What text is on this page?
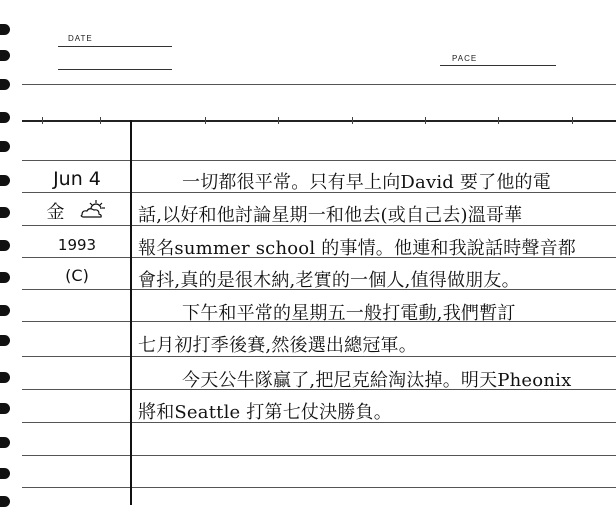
DATE
PACE
Jun 4
金
1993
(C)
一切都很平常。只有早上向David 要了他的電
話,以好和他討論星期一和他去(或自己去)溫哥華
報名summer school 的事情。他連和我說話時聲音都
會抖,真的是很木納,老實的一個人,值得做朋友。
下午和平常的星期五一般打電動,我們暫訂
七月初打季後賽,然後選出總冠軍。
今天公牛隊贏了,把尼克給淘汰掉。明天Pheonix
將和Seattle 打第七仗決勝負。
